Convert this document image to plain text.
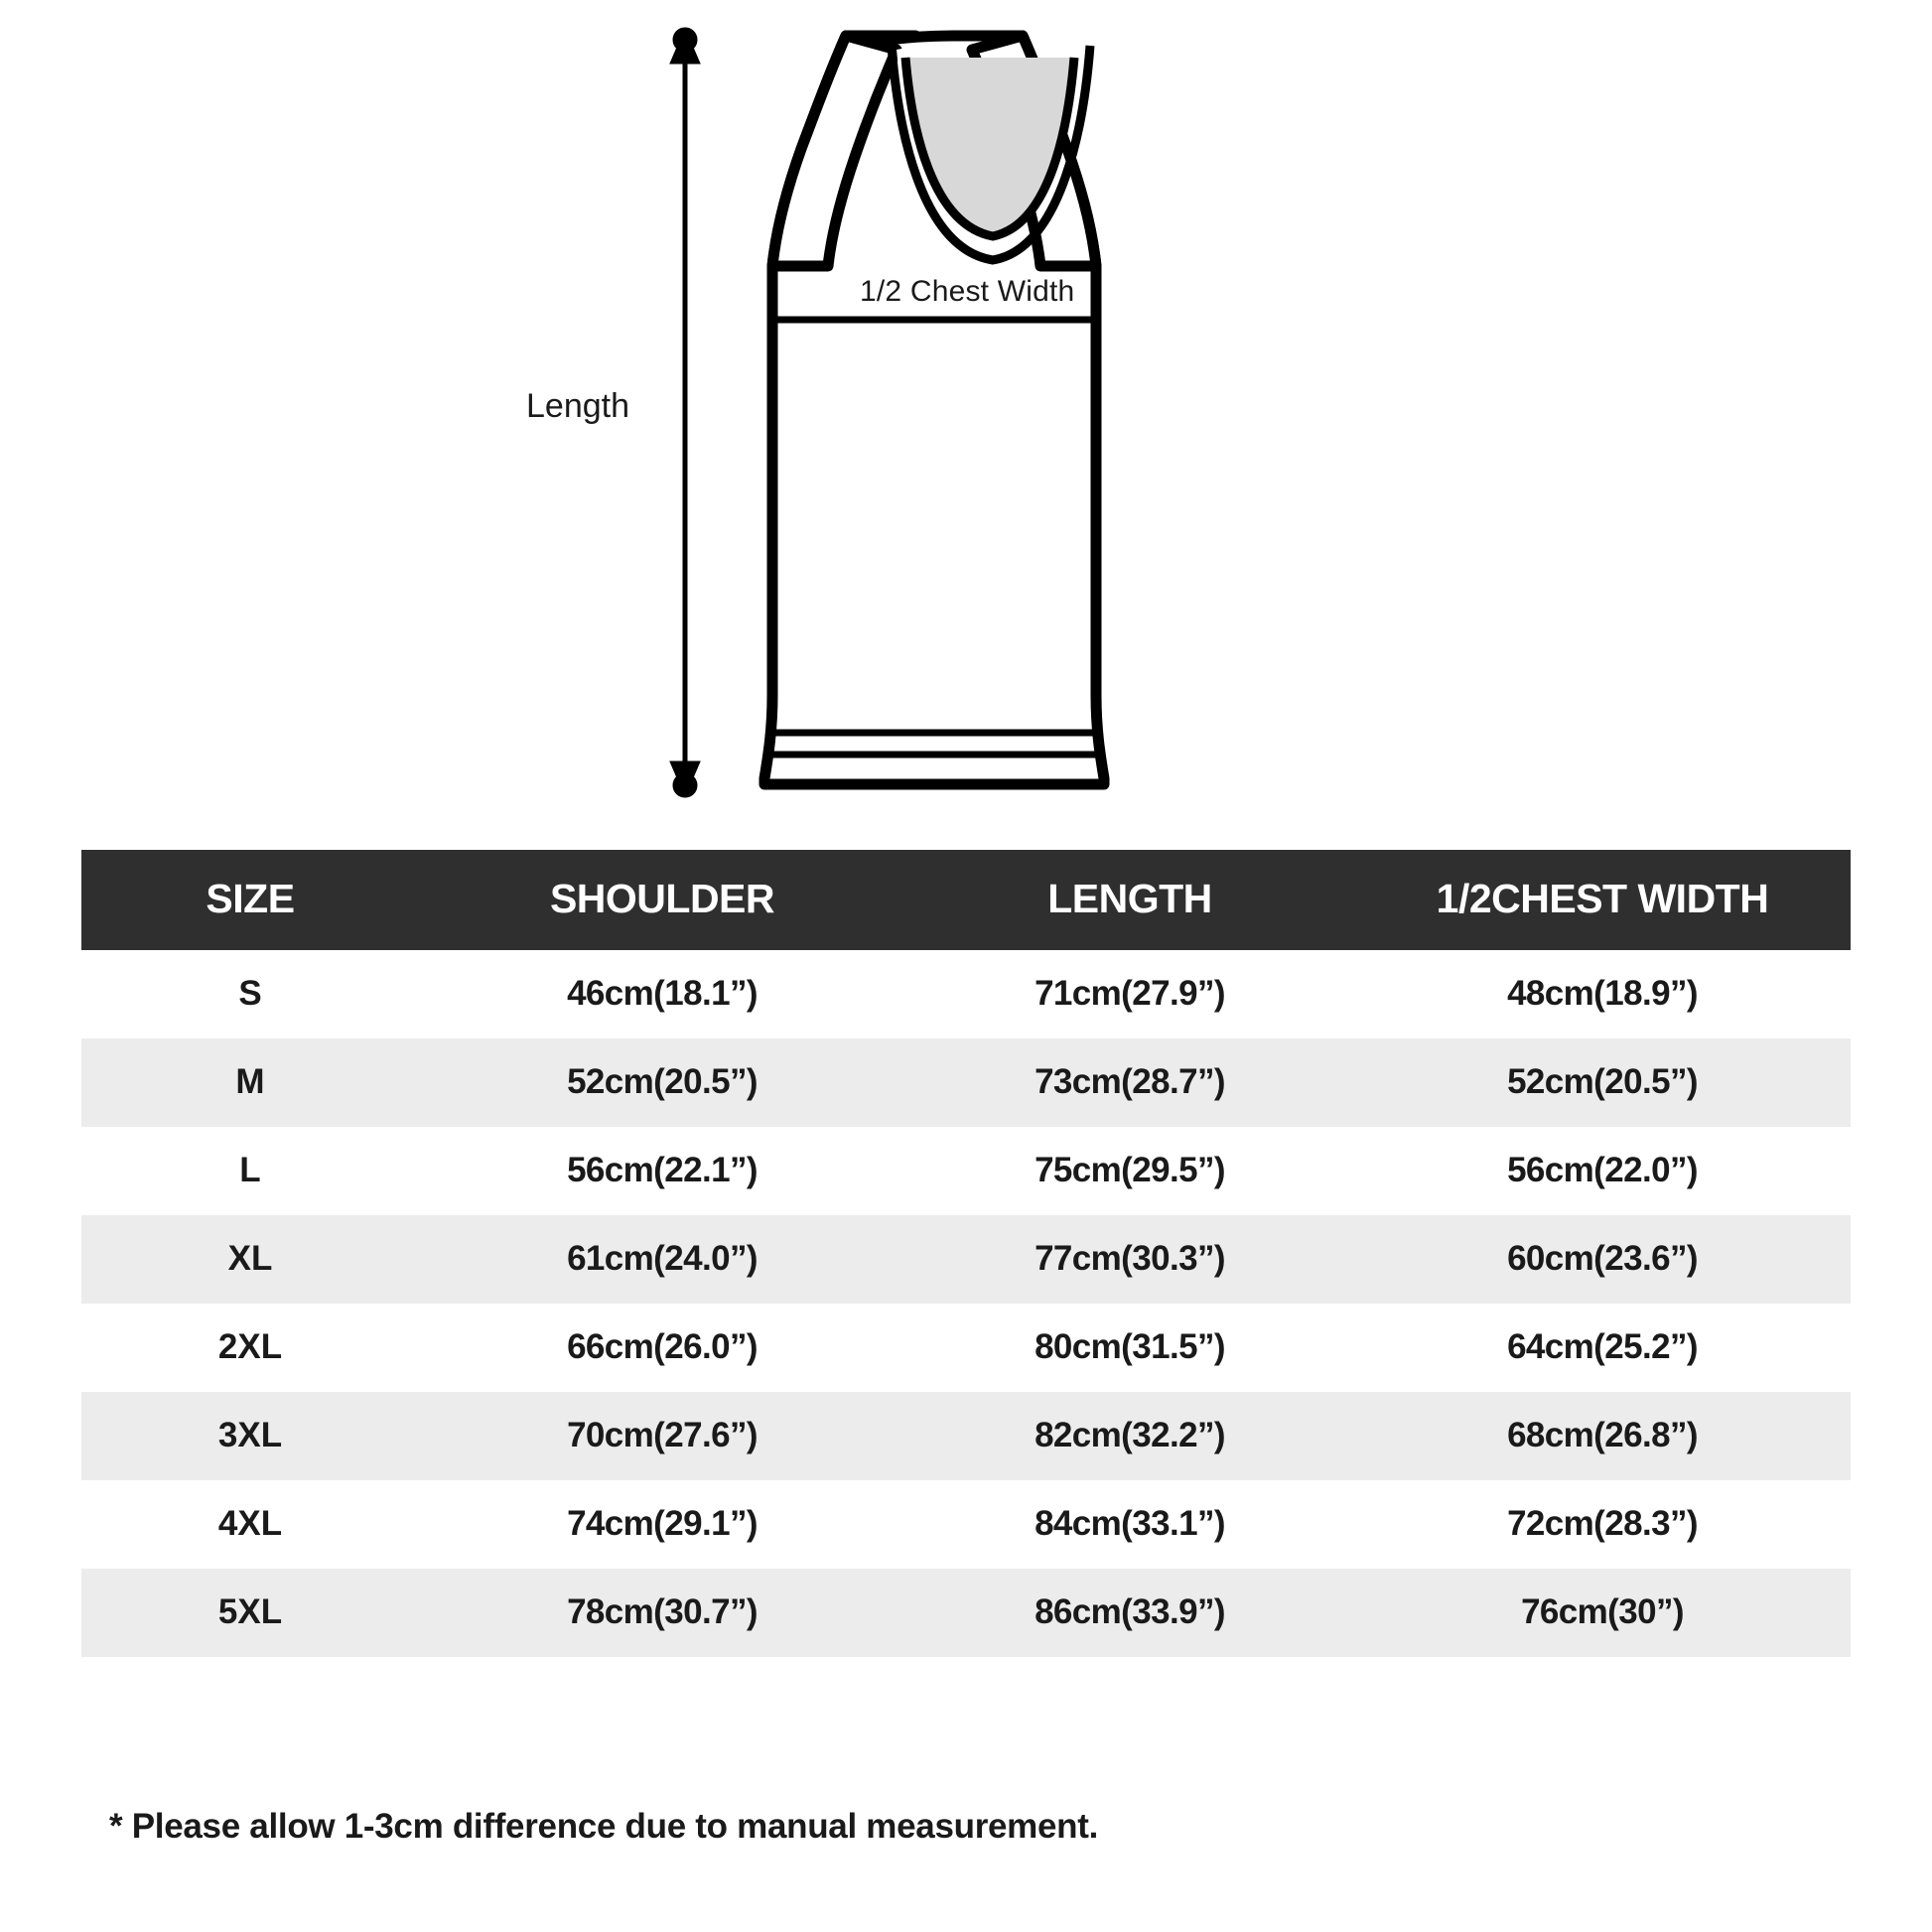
1/2 Chest Width
Length
SIZE	SHOULDER	LENGTH	1/2CHEST WIDTH
S	46cm(18.1”)	71cm(27.9”)	48cm(18.9”)
M	52cm(20.5”)	73cm(28.7”)	52cm(20.5”)
L	56cm(22.1”)	75cm(29.5”)	56cm(22.0”)
XL	61cm(24.0”)	77cm(30.3”)	60cm(23.6”)
2XL	66cm(26.0”)	80cm(31.5”)	64cm(25.2”)
3XL	70cm(27.6”)	82cm(32.2”)	68cm(26.8”)
4XL	74cm(29.1”)	84cm(33.1”)	72cm(28.3”)
5XL	78cm(30.7”)	86cm(33.9”)	76cm(30”)
* Please allow 1-3cm difference due to manual measurement.
